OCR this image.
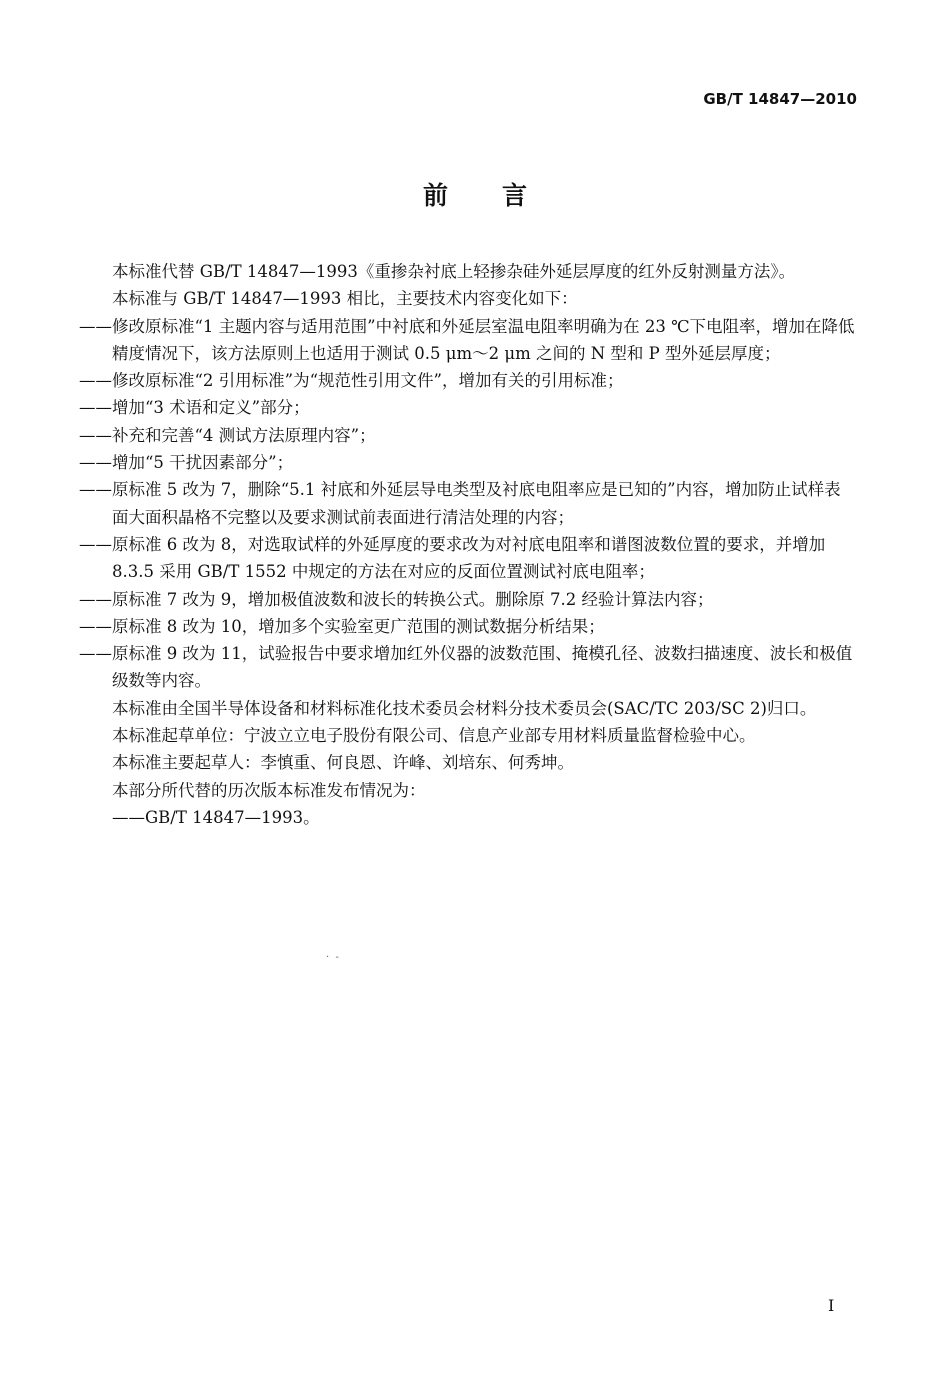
GB/T 14847—2010
前言

本标准代替 GB/T 14847—1993《重掺杂衬底上轻掺杂硅外延层厚度的红外反射测量方法》。

本标准与 GB/T 14847—1993 相比，主要技术内容变化如下：

——修改原标准“1 主题内容与适用范围”中衬底和外延层室温电阻率明确为在 23 ℃下电阻率，增加在降低精度情况下，该方法原则上也适用于测试 0.5 μm～2 μm 之间的 N 型和 P 型外延层厚度；

——修改原标准“2 引用标准”为“规范性引用文件”，增加有关的引用标准；

——增加“3 术语和定义”部分；

——补充和完善“4 测试方法原理内容”；

——增加“5 干扰因素部分”；

——原标准 5 改为 7，删除“5.1 衬底和外延层导电类型及衬底电阻率应是已知的”内容，增加防止试样表面大面积晶格不完整以及要求测试前表面进行清洁处理的内容；

——原标准 6 改为 8，对选取试样的外延厚度的要求改为对衬底电阻率和谱图波数位置的要求，并增加 8.3.5 采用 GB/T 1552 中规定的方法在对应的反面位置测试衬底电阻率；

——原标准 7 改为 9，增加极值波数和波长的转换公式。删除原 7.2 经验计算法内容；

——原标准 8 改为 10，增加多个实验室更广范围的测试数据分析结果；

——原标准 9 改为 11，试验报告中要求增加红外仪器的波数范围、掩模孔径、波数扫描速度、波长和极值级数等内容。

本标准由全国半导体设备和材料标准化技术委员会材料分技术委员会(SAC/TC 203/SC 2)归口。

本标准起草单位：宁波立立电子股份有限公司、信息产业部专用材料质量监督检验中心。

本标准主要起草人：李慎重、何良恩、许峰、刘培东、何秀坤。

本部分所代替的历次版本标准发布情况为：

——GB/T 14847—1993。

·  -
I
